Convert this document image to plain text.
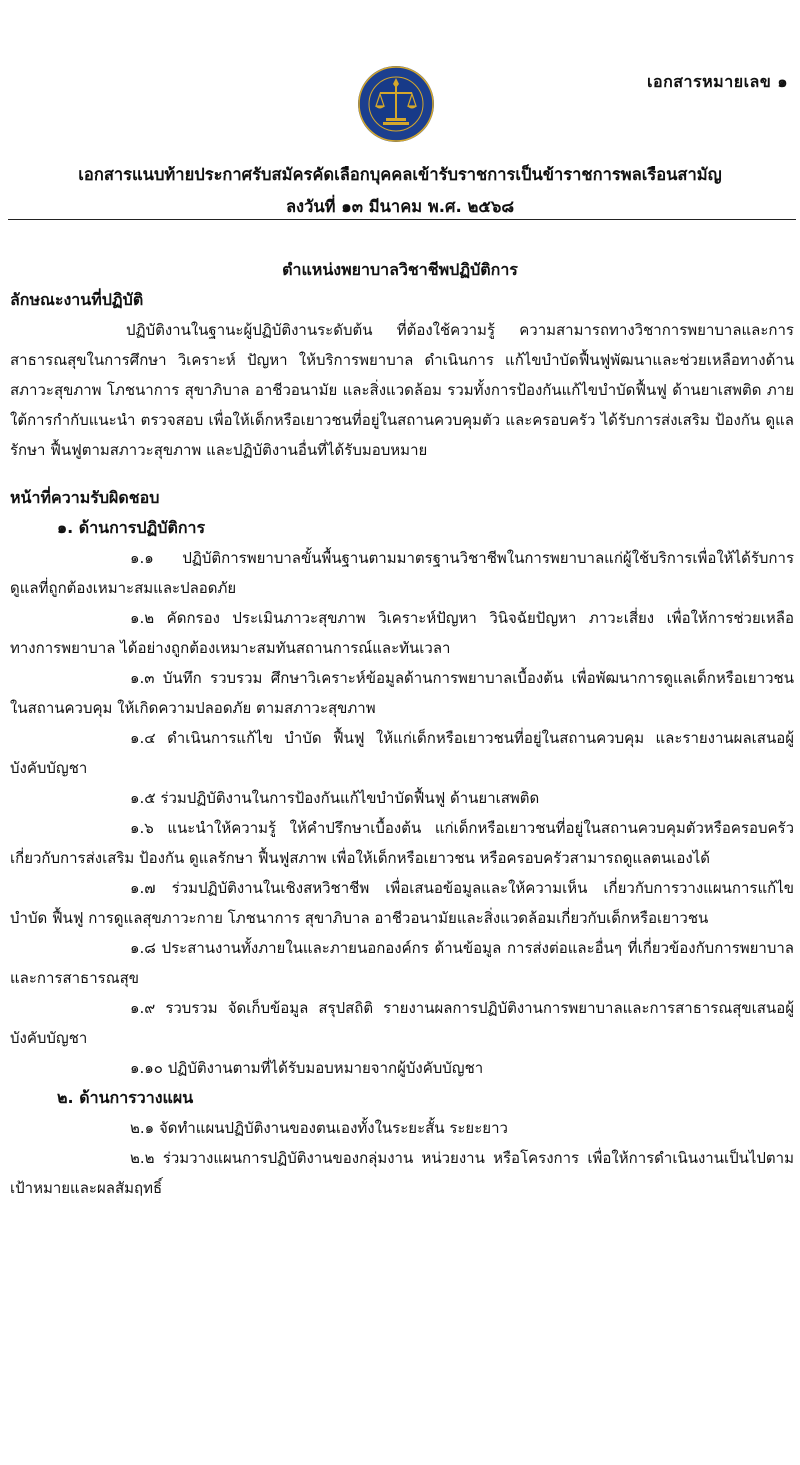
เอกสารหมายเลข ๑
เอกสารแนบท้ายประกาศรับสมัครคัดเลือกบุคคลเข้ารับราชการเป็นข้าราชการพลเรือนสามัญ
ลงวันที่ ๑๓ มีนาคม พ.ศ. ๒๕๖๘
ตำแหน่งพยาบาลวิชาชีพปฏิบัติการ

ลักษณะงานที่ปฏิบัติ

ปฏิบัติงานในฐานะผู้ปฏิบัติงานระดับต้น ที่ต้องใช้ความรู้ ความสามารถทางวิชาการพยาบาลและการสาธารณสุขในการศึกษา วิเคราะห์ ปัญหา ให้บริการพยาบาล ดำเนินการ แก้ไขบำบัดฟื้นฟูพัฒนาและช่วยเหลือทางด้านสภาวะสุขภาพ โภชนาการ สุขาภิบาล อาชีวอนามัย และสิ่งแวดล้อม รวมทั้งการป้องกันแก้ไขบำบัดฟื้นฟู ด้านยาเสพติด ภายใต้การกำกับแนะนำ ตรวจสอบ เพื่อให้เด็กหรือเยาวชนที่อยู่ในสถานควบคุมตัว และครอบครัว ได้รับการส่งเสริม ป้องกัน ดูแลรักษา ฟื้นฟูตามสภาวะสุขภาพ และปฏิบัติงานอื่นที่ได้รับมอบหมาย

หน้าที่ความรับผิดชอบ

๑. ด้านการปฏิบัติการ

๑.๑ ปฏิบัติการพยาบาลขั้นพื้นฐานตามมาตรฐานวิชาชีพในการพยาบาลแก่ผู้ใช้บริการเพื่อให้ได้รับการดูแลที่ถูกต้องเหมาะสมและปลอดภัย

๑.๒ คัดกรอง ประเมินภาวะสุขภาพ วิเคราะห์ปัญหา วินิจฉัยปัญหา ภาวะเสี่ยง เพื่อให้การช่วยเหลือทางการพยาบาล ได้อย่างถูกต้องเหมาะสมทันสถานการณ์และทันเวลา

๑.๓ บันทึก รวบรวม ศึกษาวิเคราะห์ข้อมูลด้านการพยาบาลเบื้องต้น เพื่อพัฒนาการดูแลเด็กหรือเยาวชน ในสถานควบคุม ให้เกิดความปลอดภัย ตามสภาวะสุขภาพ

๑.๔ ดำเนินการแก้ไข บำบัด ฟื้นฟู ให้แก่เด็กหรือเยาวชนที่อยู่ในสถานควบคุม และรายงานผลเสนอผู้บังคับบัญชา

๑.๕ ร่วมปฏิบัติงานในการป้องกันแก้ไขบำบัดฟื้นฟู ด้านยาเสพติด

๑.๖ แนะนำให้ความรู้ ให้คำปรึกษาเบื้องต้น แก่เด็กหรือเยาวชนที่อยู่ในสถานควบคุมตัวหรือครอบครัว เกี่ยวกับการส่งเสริม ป้องกัน ดูแลรักษา ฟื้นฟูสภาพ เพื่อให้เด็กหรือเยาวชน หรือครอบครัวสามารถดูแลตนเองได้

๑.๗ ร่วมปฏิบัติงานในเชิงสหวิชาชีพ เพื่อเสนอข้อมูลและให้ความเห็น เกี่ยวกับการวางแผนการแก้ไขบำบัด ฟื้นฟู การดูแลสุขภาวะกาย โภชนาการ สุขาภิบาล อาชีวอนามัยและสิ่งแวดล้อมเกี่ยวกับเด็กหรือเยาวชน

๑.๘ ประสานงานทั้งภายในและภายนอกองค์กร ด้านข้อมูล การส่งต่อและอื่นๆ ที่เกี่ยวข้องกับการพยาบาลและการสาธารณสุข

๑.๙ รวบรวม จัดเก็บข้อมูล สรุปสถิติ รายงานผลการปฏิบัติงานการพยาบาลและการสาธารณสุขเสนอผู้บังคับบัญชา

๑.๑๐ ปฏิบัติงานตามที่ได้รับมอบหมายจากผู้บังคับบัญชา

๒. ด้านการวางแผน

๒.๑ จัดทำแผนปฏิบัติงานของตนเองทั้งในระยะสั้น ระยะยาว

๒.๒ ร่วมวางแผนการปฏิบัติงานของกลุ่มงาน หน่วยงาน หรือโครงการ เพื่อให้การดำเนินงานเป็นไปตามเป้าหมายและผลสัมฤทธิ์
